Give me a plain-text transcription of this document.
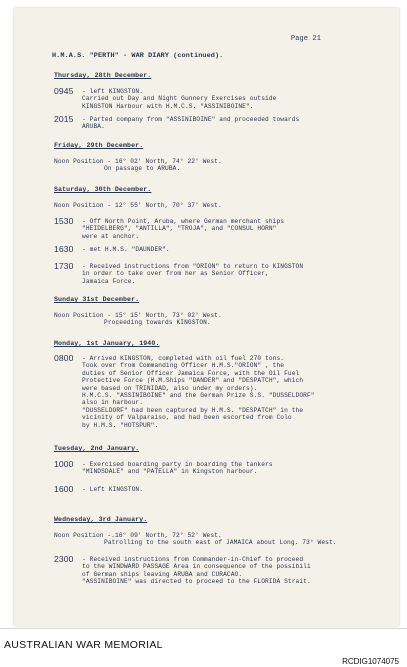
Page 21
H.M.A.S. "PERTH" - WAR DIARY (continued).
Thursday, 28th December.
0945	- left KINGSTON.
Carried out Day and Night Gunnery Exercises outside
KINGSTON Harbour with H.M.C.S. "ASSINIBOINE".
2015	- Parted company from "ASSINIBOINE" and proceeded towards
ARUBA.
Friday, 29th December.
Noon Position - 16° 02' North, 74° 22' West.
On passage to ARUBA.
Saturday, 30th December.
Noon Position - 12° 55' North, 70° 37' West.
1530	- Off North Point, Aruba, where German merchant ships
"HEIDELBERG", "ANTILLA", "TROJA", and "CONSUL HORN"
were at anchor.
1630	- met H.M.S. "DAUNDER".
1730	- Received instructions from "ORION" to return to KINGSTON
in order to take over from her as Senior Officer,
Jamaica Force.
Sunday 31st December.
Noon Position - 15° 15' North, 73° 02' West.
Proceeding towards KINGSTON.
Monday, 1st January, 1940.
0800	- Arrived KINGSTON, completed with oil fuel 270 tons.
Took over from Commanding Officer H.M.S."ORION" , the
duties of Senior Officer Jamaica Force, with the Oil Fuel
Protective Force (H.M.Ships "DANDER" and "DESPATCH", which
were based on TRINIDAD, also under my orders).
H.M.C.S. "ASSINIBOINE" and the German Prize S.S. "DUSSELDORF"
also in harbour.
"DUSSELDORF" had been captured by H.M.S. "DESPATCH" in the
vicinity of Valparaiso, and had been escorted from Colo
by H.M.S. "HOTSPUR".
Tuesday, 2nd January.
1000	- Exercised boarding party in boarding the tankers
"MINDSDALE" and "PATELLA" in Kingston harbour.
1600	- Left KINGSTON.
Wednesday, 3rd January.
Noon Position -.16° 09' North, 72° 52' West.
Patrolling to the south east of JAMAICA about Long. 73° West.
2300	- Received instructions from Commander-in-Chief to proceed
to the WINDWARD PASSAGE Area in consequence of the possibili
of German ships leaving ARUBA and CURACAO.
"ASSINIBOINE" was directed to proceed to the FLORIDA Strait.
AUSTRALIAN WAR MEMORIAL
RCDIG1074075
